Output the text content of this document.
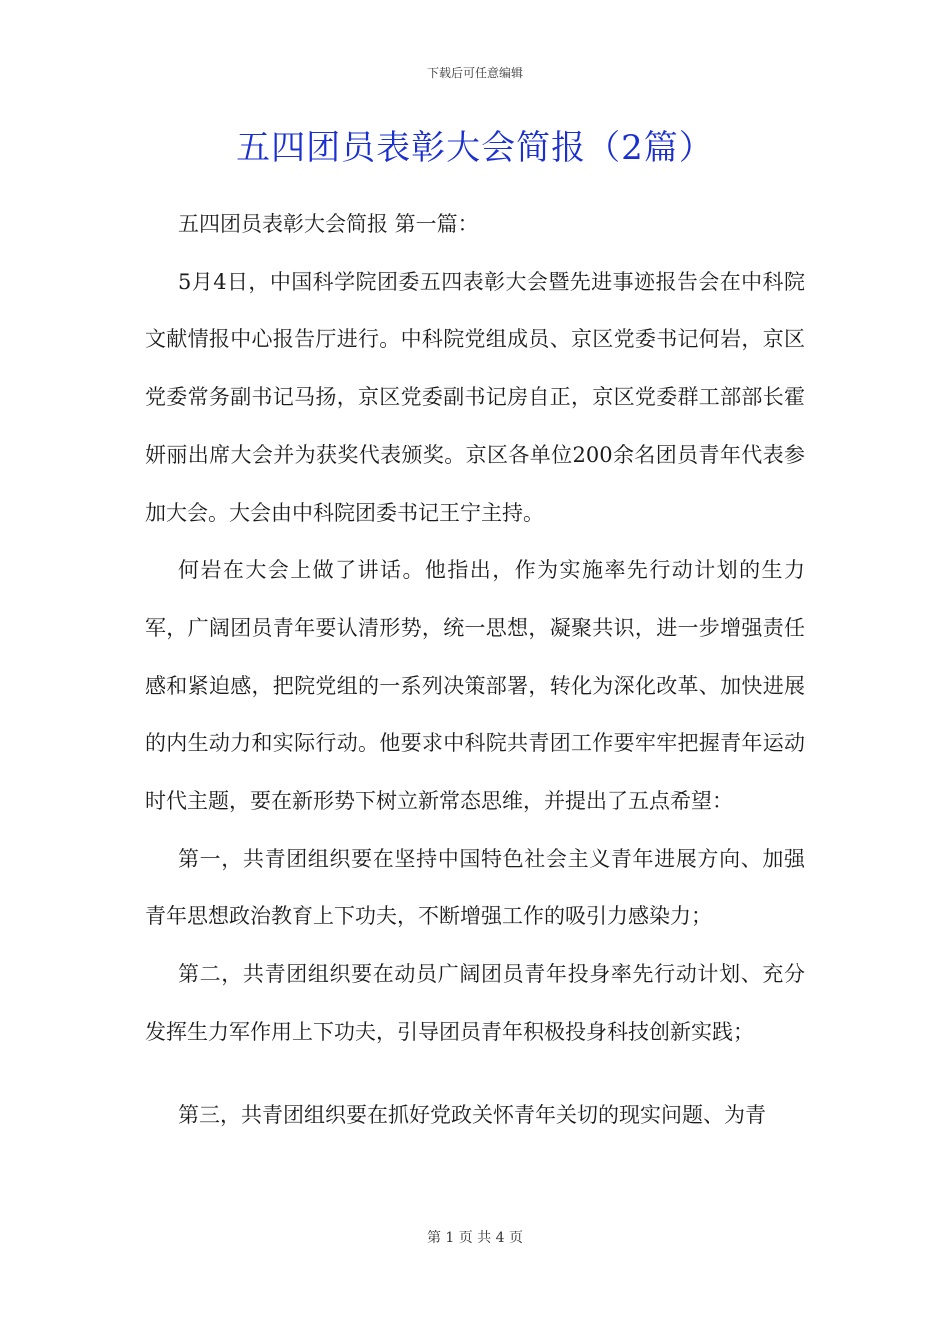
下载后可任意编辑
五四团员表彰大会简报（2篇）

五四团员表彰大会简报 第一篇：

5月4日，中国科学院团委五四表彰大会暨先进事迹报告会在中科院文献情报中心报告厅进行。中科院党组成员、京区党委书记何岩，京区党委常务副书记马扬，京区党委副书记房自正，京区党委群工部部长霍妍丽出席大会并为获奖代表颁奖。京区各单位200余名团员青年代表参加大会。大会由中科院团委书记王宁主持。

何岩在大会上做了讲话。他指出，作为实施率先行动计划的生力军，广阔团员青年要认清形势，统一思想，凝聚共识，进一步增强责任感和紧迫感，把院党组的一系列决策部署，转化为深化改革、加快进展的内生动力和实际行动。他要求中科院共青团工作要牢牢把握青年运动时代主题，要在新形势下树立新常态思维，并提出了五点希望：

第一，共青团组织要在坚持中国特色社会主义青年进展方向、加强青年思想政治教育上下功夫，不断增强工作的吸引力感染力；

第二，共青团组织要在动员广阔团员青年投身率先行动计划、充分发挥生力军作用上下功夫，引导团员青年积极投身科技创新实践；

第三，共青团组织要在抓好党政关怀青年关切的现实问题、为青

第 1 页 共 4 页
